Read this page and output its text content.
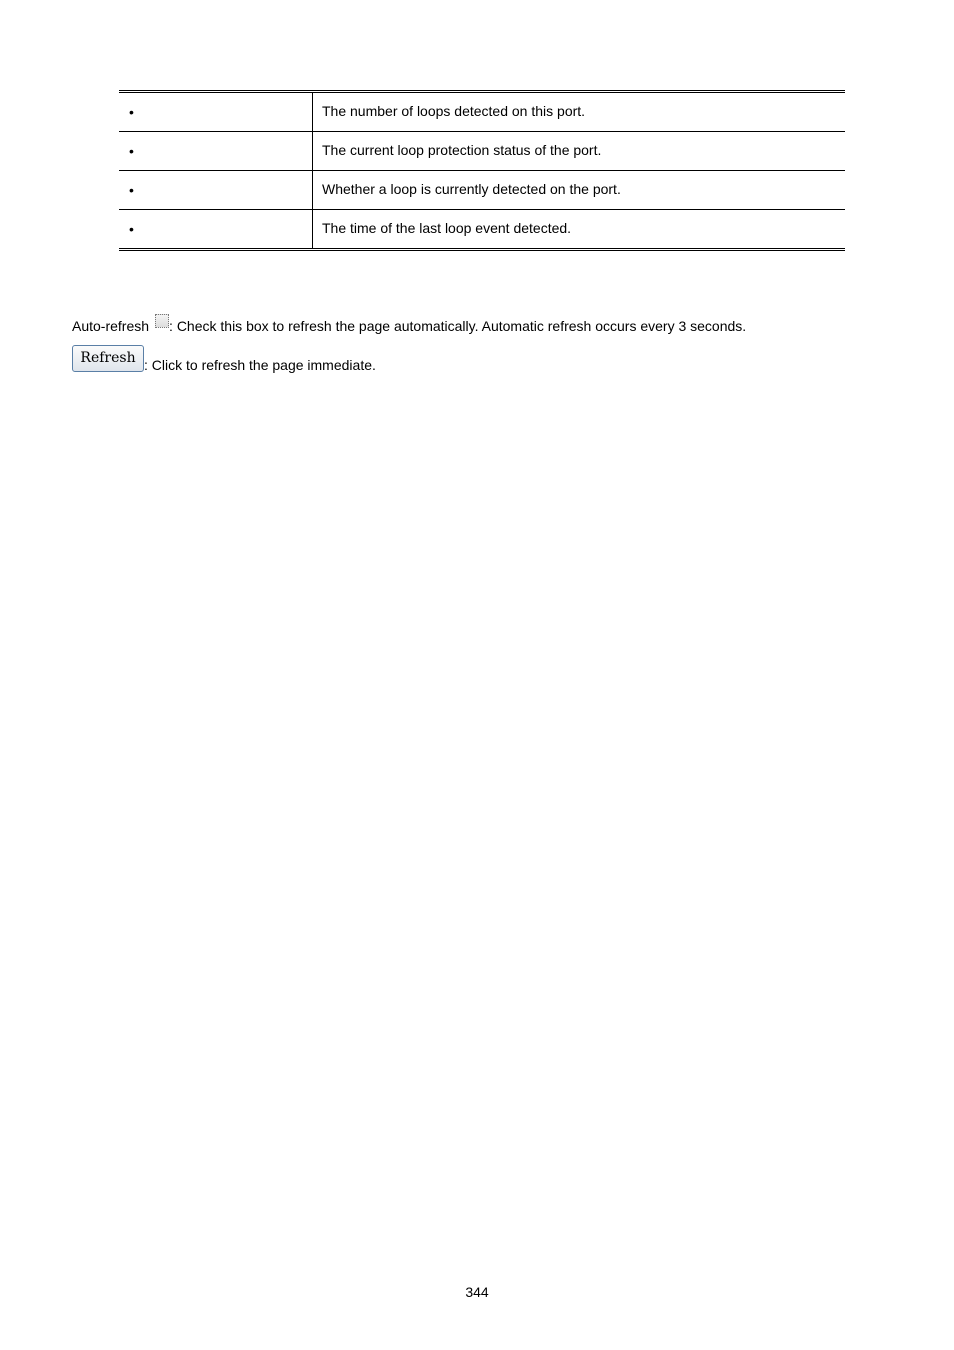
•	The number of loops detected on this port.

•	The current loop protection status of the port.

•	Whether a loop is currently detected on the port.

•	The time of the last loop event detected.
Auto-refresh : Check this box to refresh the page automatically. Automatic refresh occurs every 3 seconds.
Refresh : Click to refresh the page immediate.
344
